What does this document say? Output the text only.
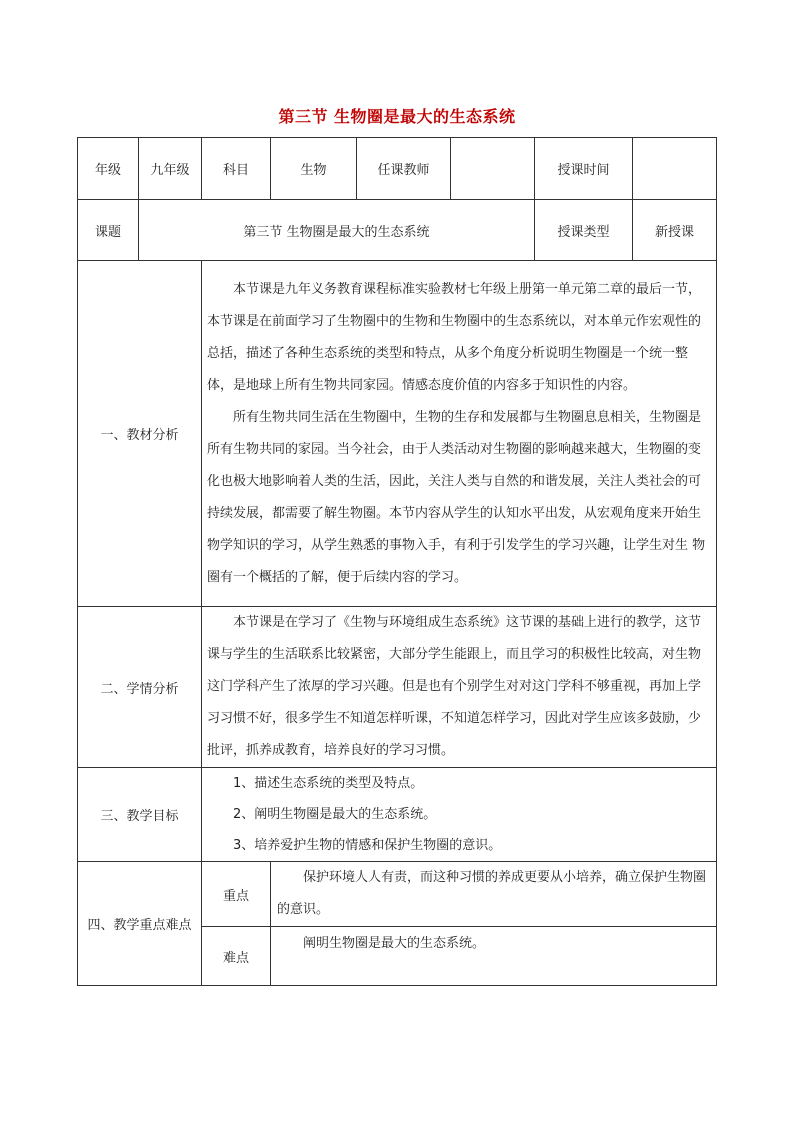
第三节 生物圈是最大的生态系统
年级	九年级	科目	生物	任课教师		授课时间	
课题	第三节 生物圈是最大的生态系统					授课类型	新授课
一、教材分析		本节课是九年义务教育课程标准实验教材七年级上册第一单元第二章的最后一节，本节课是在前面学习了生物圈中的生物和生物圈中的生态系统以，对本单元作宏观性的总括，描述了各种生态系统的类型和特点，从多个角度分析说明生物圈是一个统一整体，是地球上所有生物共同家园。情感态度价值的内容多于知识性的内容。

所有生物共同生活在生物圈中，生物的生存和发展都与生物圈息息相关，生物圈是所有生物共同的家园。当今社会，由于人类活动对生物圈的影响越来越大，生物圈的变化也极大地影响着人类的生活，因此，关注人类与自然的和谐发展，关注人类社会的可持续发展，都需要了解生物圈。本节内容从学生的认知水平出发，从宏观角度来开始生物学知识的学习，从学生熟悉的事物入手，有利于引发学生的学习兴趣，让学生对生 物圈有一个概括的了解，便于后续内容的学习。					

二、学情分析		本节课是在学习了《生物与环境组成生态系统》这节课的基础上进行的教学，这节课与学生的生活联系比较紧密，大部分学生能跟上，而且学习的积极性比较高，对生物这门学科产生了浓厚的学习兴趣。但是也有个别学生对对这门学科不够重视，再加上学习习惯不好，很多学生不知道怎样听课，不知道怎样学习，因此对学生应该多鼓励，少批评，抓养成教育，培养良好的学习习惯。					

三、教学目标		1、描述生态系统的类型及特点。

2、阐明生物圈是最大的生态系统。

3、培养爱护生物的情感和保护生物圈的意识。					

四、教学重点难点		重点	保护环境人人有责，而这种习惯的养成更要从小培养，确立保护生物圈的意识。				

		难点	阐明生物圈是最大的生态系统。				
